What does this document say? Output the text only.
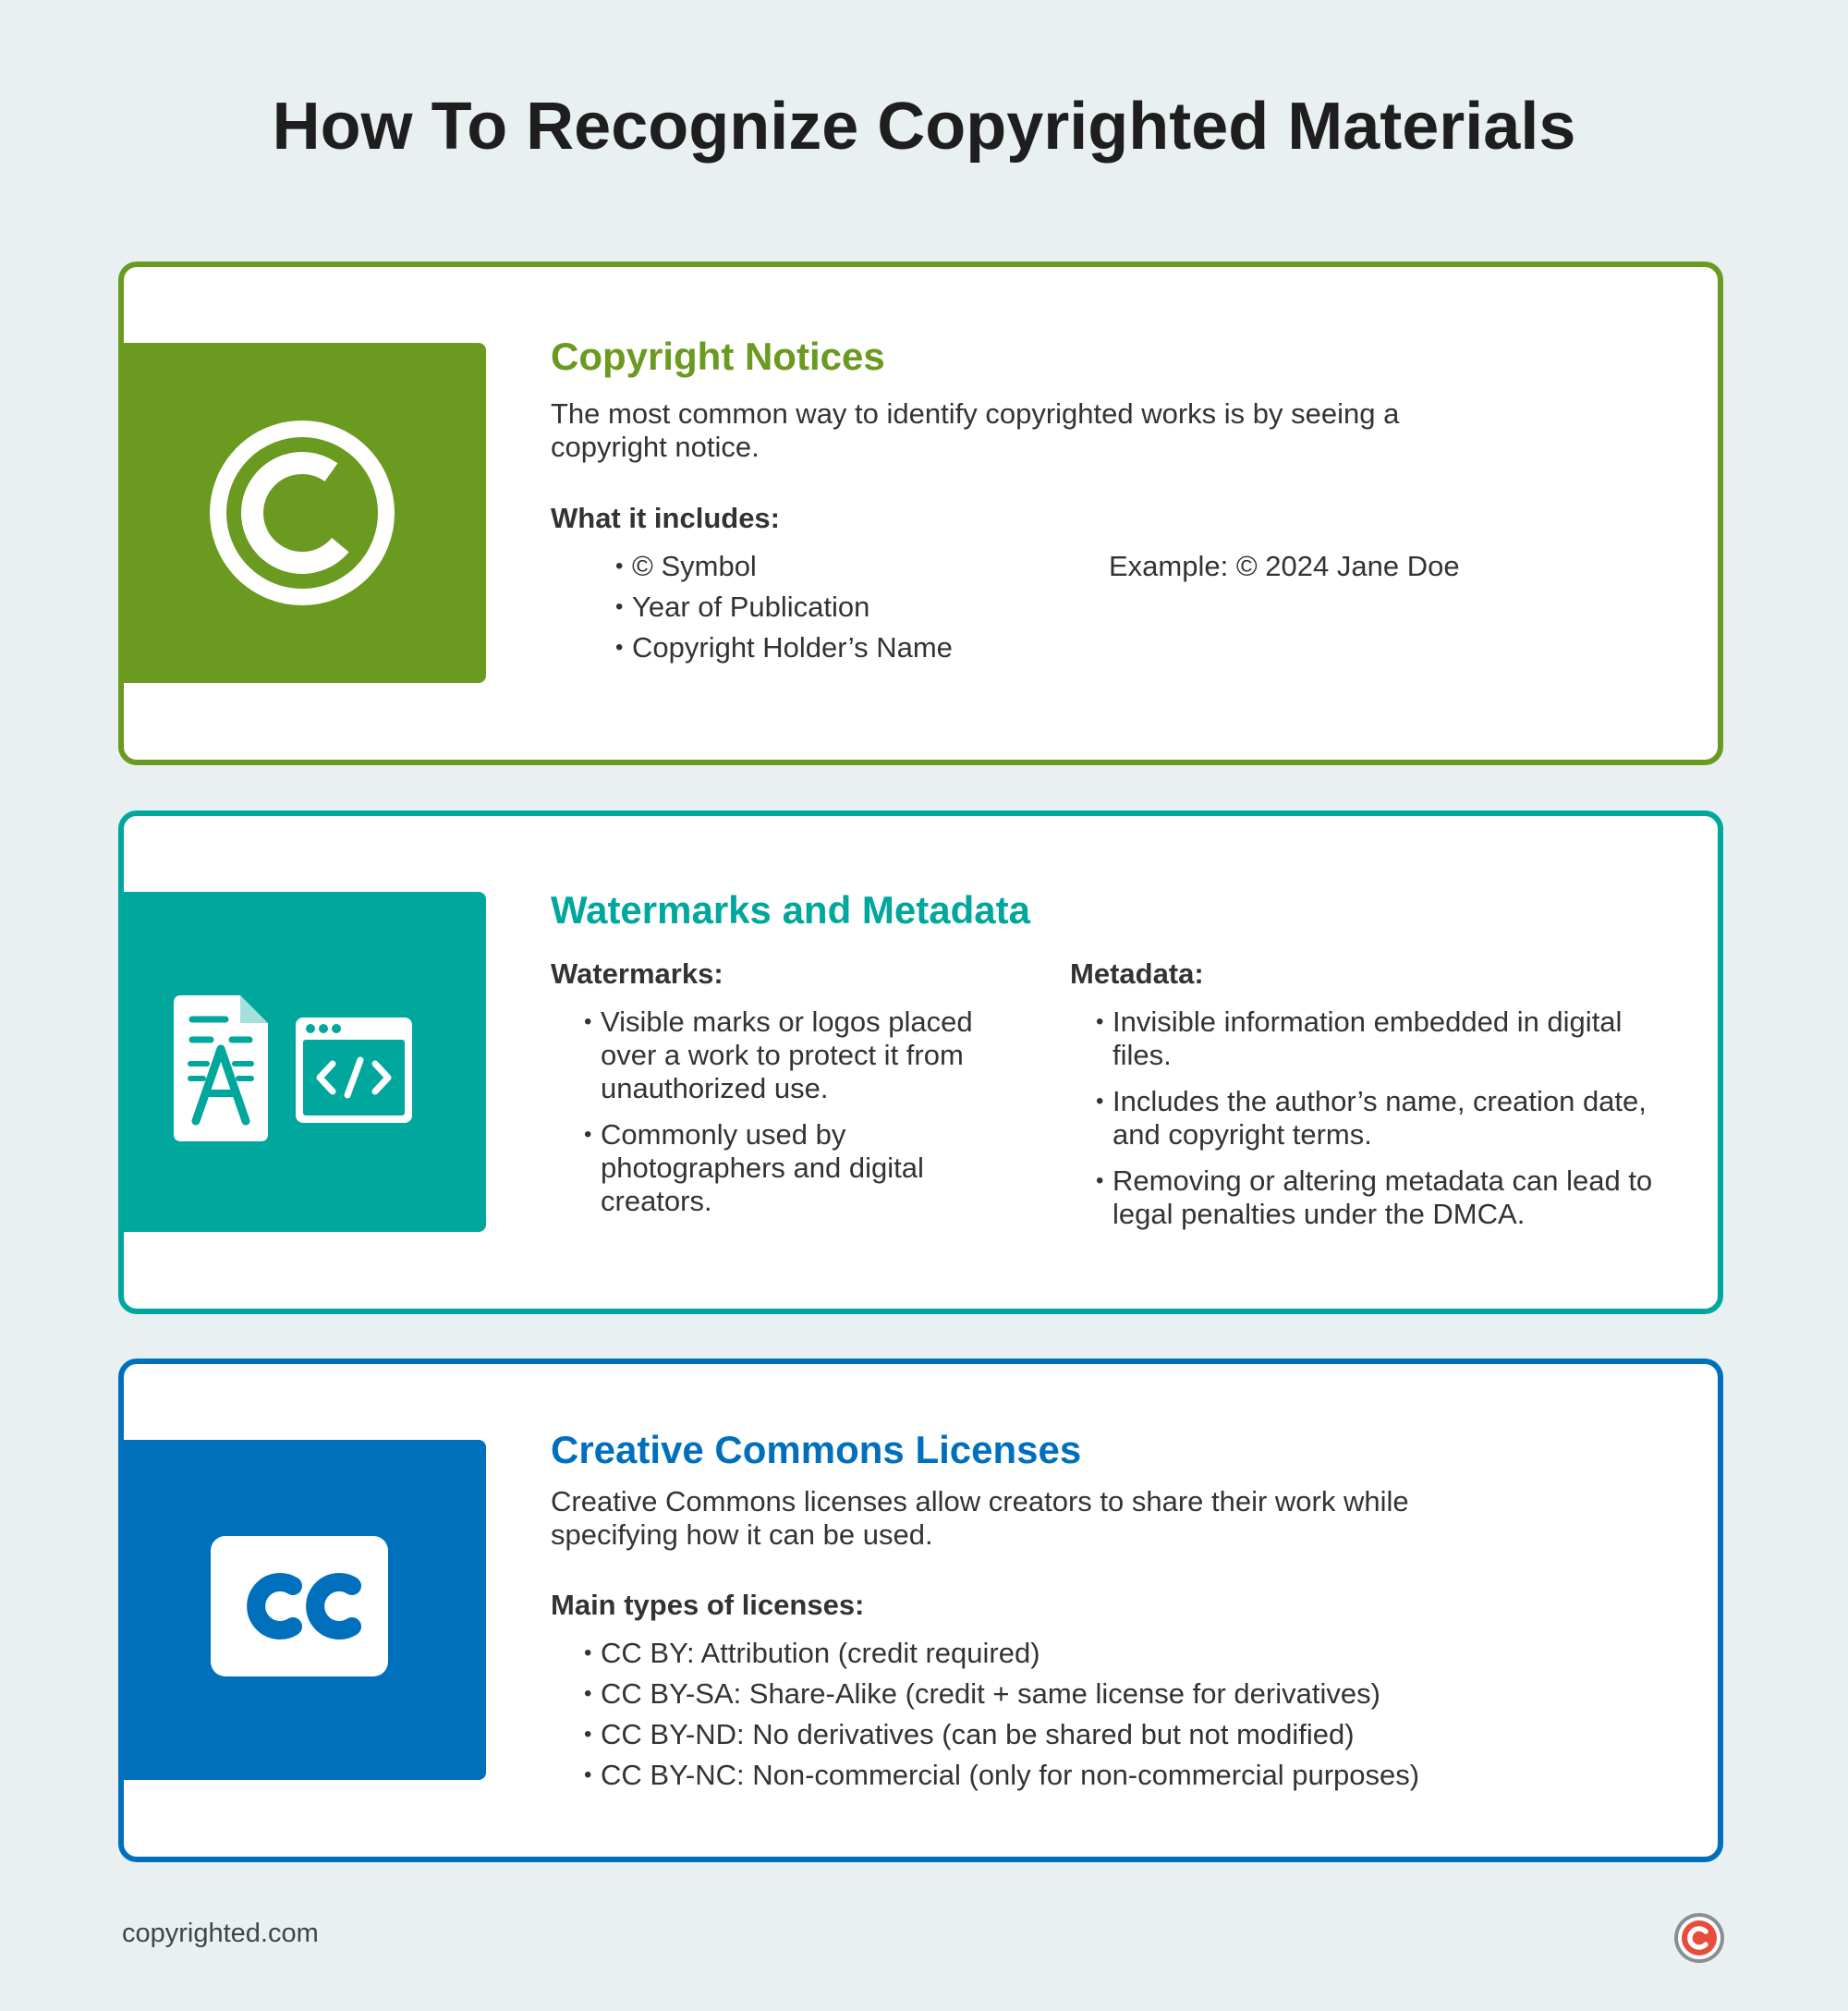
How To Recognize Copyrighted Materials
Copyright Notices

The most common way to identify copyrighted works is by seeing a copyright notice.

What it includes:

• © Symbol
• Year of Publication
• Copyright Holder’s Name
Example: © 2024 Jane Doe
Watermarks and Metadata

Watermarks:

• Visible marks or logos placed over a work to protect it from unauthorized use.
• Commonly used by photographers and digital creators.

Metadata:

• Invisible information embedded in digital files.
• Includes the author’s name, creation date, and copyright terms.
• Removing or altering metadata can lead to legal penalties under the DMCA.
Creative Commons Licenses

Creative Commons licenses allow creators to share their work while specifying how it can be used.

Main types of licenses:

• CC BY: Attribution (credit required)
• CC BY-SA: Share-Alike (credit + same license for derivatives)
• CC BY-ND: No derivatives (can be shared but not modified)
• CC BY-NC: Non-commercial (only for non-commercial purposes)
copyrighted.com
